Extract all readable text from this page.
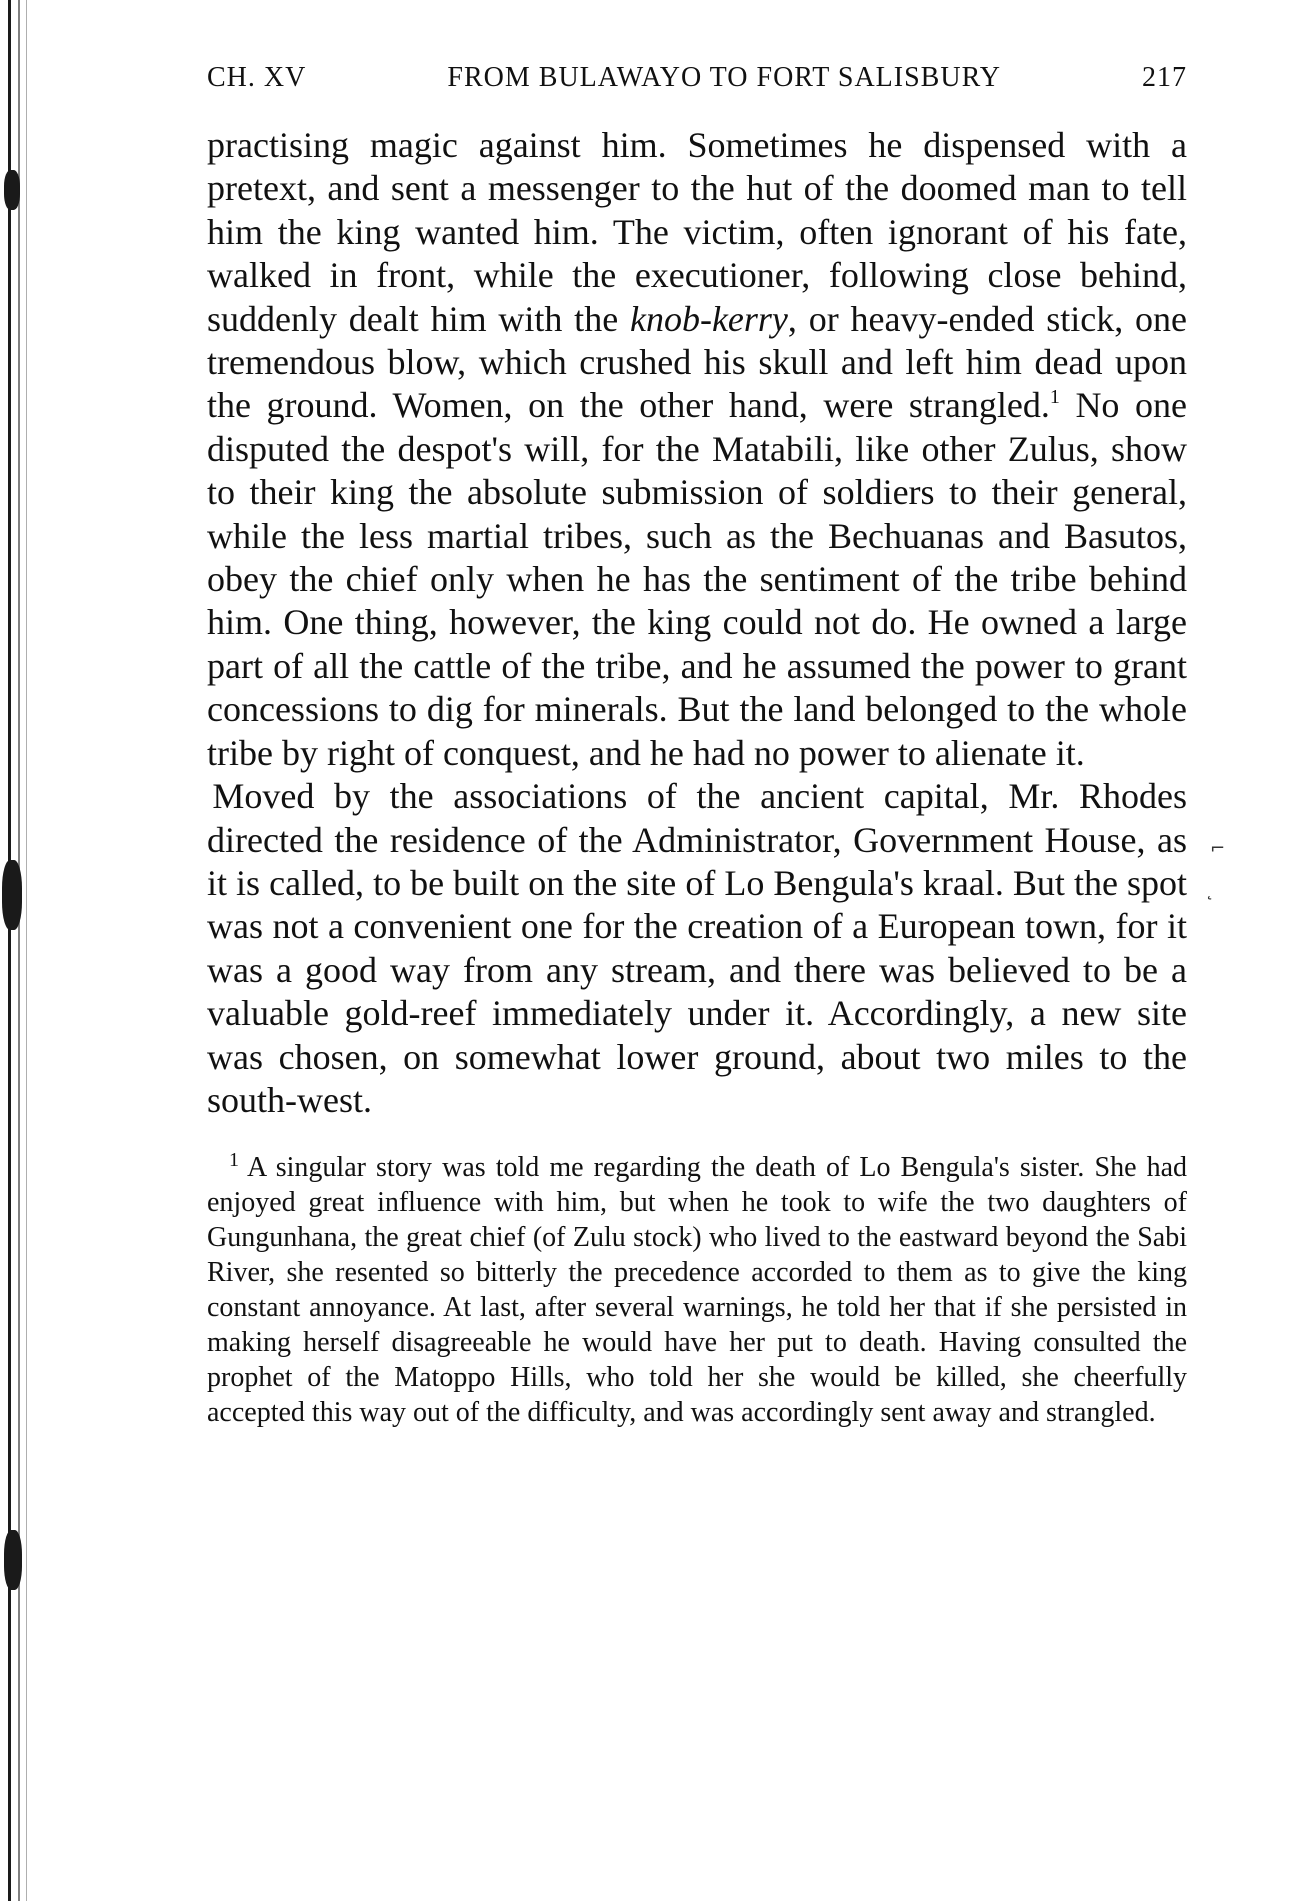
⌐
˛
CH. XV	FROM BULAWAYO TO FORT SALISBURY	217

practising magic against him. Sometimes he dispensed with a pretext, and sent a messenger to the hut of the doomed man to tell him the king wanted him. The victim, often ignorant of his fate, walked in front, while the executioner, following close behind, suddenly dealt him with the knob-kerry, or heavy-ended stick, one tremendous blow, which crushed his skull and left him dead upon the ground. Women, on the other hand, were strangled.$^1$ No one disputed the despot's will, for the Matabili, like other Zulus, show to their king the absolute submission of soldiers to their general, while the less martial tribes, such as the Bechuanas and Basutos, obey the chief only when he has the sentiment of the tribe behind him. One thing, however, the king could not do. He owned a large part of all the cattle of the tribe, and he assumed the power to grant concessions to dig for minerals. But the land belonged to the whole tribe by right of conquest, and he had no power to alienate it.

Moved by the associations of the ancient capital, Mr. Rhodes directed the residence of the Administrator, Government House, as it is called, to be built on the site of Lo Bengula's kraal. But the spot was not a convenient one for the creation of a European town, for it was a good way from any stream, and there was believed to be a valuable gold-reef immediately under it. Accordingly, a new site was chosen, on somewhat lower ground, about two miles to the south-west.

$^1$ A singular story was told me regarding the death of Lo Bengula's sister. She had enjoyed great influence with him, but when he took to wife the two daughters of Gungunhana, the great chief (of Zulu stock) who lived to the eastward beyond the Sabi River, she resented so bitterly the precedence accorded to them as to give the king constant annoyance. At last, after several warnings, he told her that if she persisted in making herself disagreeable he would have her put to death. Having consulted the prophet of the Matoppo Hills, who told her she would be killed, she cheerfully accepted this way out of the difficulty, and was accordingly sent away and strangled.
